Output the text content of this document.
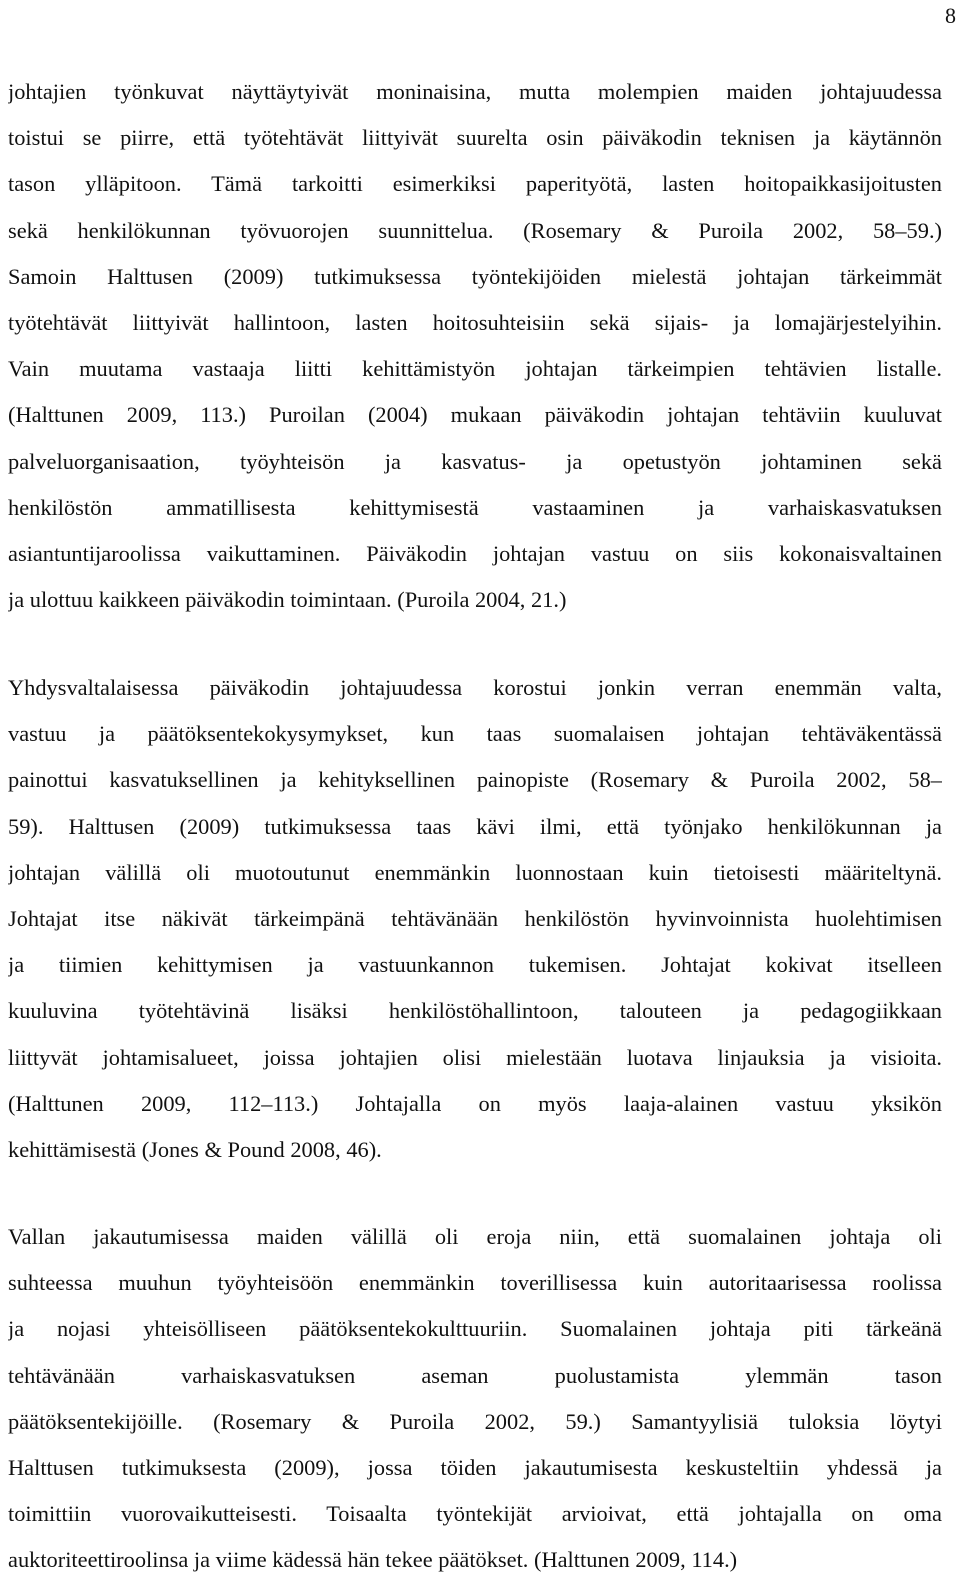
8
johtajien työnkuvat näyttäytyivät moninaisina, mutta molempien maiden johtajuudessa
toistui se piirre, että työtehtävät liittyivät suurelta osin päiväkodin teknisen ja käytännön
tason ylläpitoon. Tämä tarkoitti esimerkiksi paperityötä, lasten hoitopaikkasijoitusten
sekä henkilökunnan työvuorojen suunnittelua. (Rosemary & Puroila 2002, 58–59.)
Samoin Halttusen (2009) tutkimuksessa työntekijöiden mielestä johtajan tärkeimmät
työtehtävät liittyivät hallintoon, lasten hoitosuhteisiin sekä sijais- ja lomajärjestelyihin.
Vain muutama vastaaja liitti kehittämistyön johtajan tärkeimpien tehtävien listalle.
(Halttunen 2009, 113.) Puroilan (2004) mukaan päiväkodin johtajan tehtäviin kuuluvat
palveluorganisaation, työyhteisön ja kasvatus- ja opetustyön johtaminen sekä
henkilöstön ammatillisesta kehittymisestä vastaaminen ja varhaiskasvatuksen
asiantuntijaroolissa vaikuttaminen. Päiväkodin johtajan vastuu on siis kokonaisvaltainen
ja ulottuu kaikkeen päiväkodin toimintaan. (Puroila 2004, 21.)
Yhdysvaltalaisessa päiväkodin johtajuudessa korostui jonkin verran enemmän valta,
vastuu ja päätöksentekokysymykset, kun taas suomalaisen johtajan tehtäväkentässä
painottui kasvatuksellinen ja kehityksellinen painopiste (Rosemary & Puroila 2002, 58–
59). Halttusen (2009) tutkimuksessa taas kävi ilmi, että työnjako henkilökunnan ja
johtajan välillä oli muotoutunut enemmänkin luonnostaan kuin tietoisesti määriteltynä.
Johtajat itse näkivät tärkeimpänä tehtävänään henkilöstön hyvinvoinnista huolehtimisen
ja tiimien kehittymisen ja vastuunkannon tukemisen. Johtajat kokivat itselleen
kuuluvina työtehtävinä lisäksi henkilöstöhallintoon, talouteen ja pedagogiikkaan
liittyvät johtamisalueet, joissa johtajien olisi mielestään luotava linjauksia ja visioita.
(Halttunen 2009, 112–113.) Johtajalla on myös laaja-alainen vastuu yksikön
kehittämisestä (Jones & Pound 2008, 46).
Vallan jakautumisessa maiden välillä oli eroja niin, että suomalainen johtaja oli
suhteessa muuhun työyhteisöön enemmänkin toverillisessa kuin autoritaarisessa roolissa
ja nojasi yhteisölliseen päätöksentekokulttuuriin. Suomalainen johtaja piti tärkeänä
tehtävänään varhaiskasvatuksen aseman puolustamista ylemmän tason
päätöksentekijöille. (Rosemary & Puroila 2002, 59.) Samantyylisiä tuloksia löytyi
Halttusen tutkimuksesta (2009), jossa töiden jakautumisesta keskusteltiin yhdessä ja
toimittiin vuorovaikutteisesti. Toisaalta työntekijät arvioivat, että johtajalla on oma
auktoriteettiroolinsa ja viime kädessä hän tekee päätökset. (Halttunen 2009, 114.)
